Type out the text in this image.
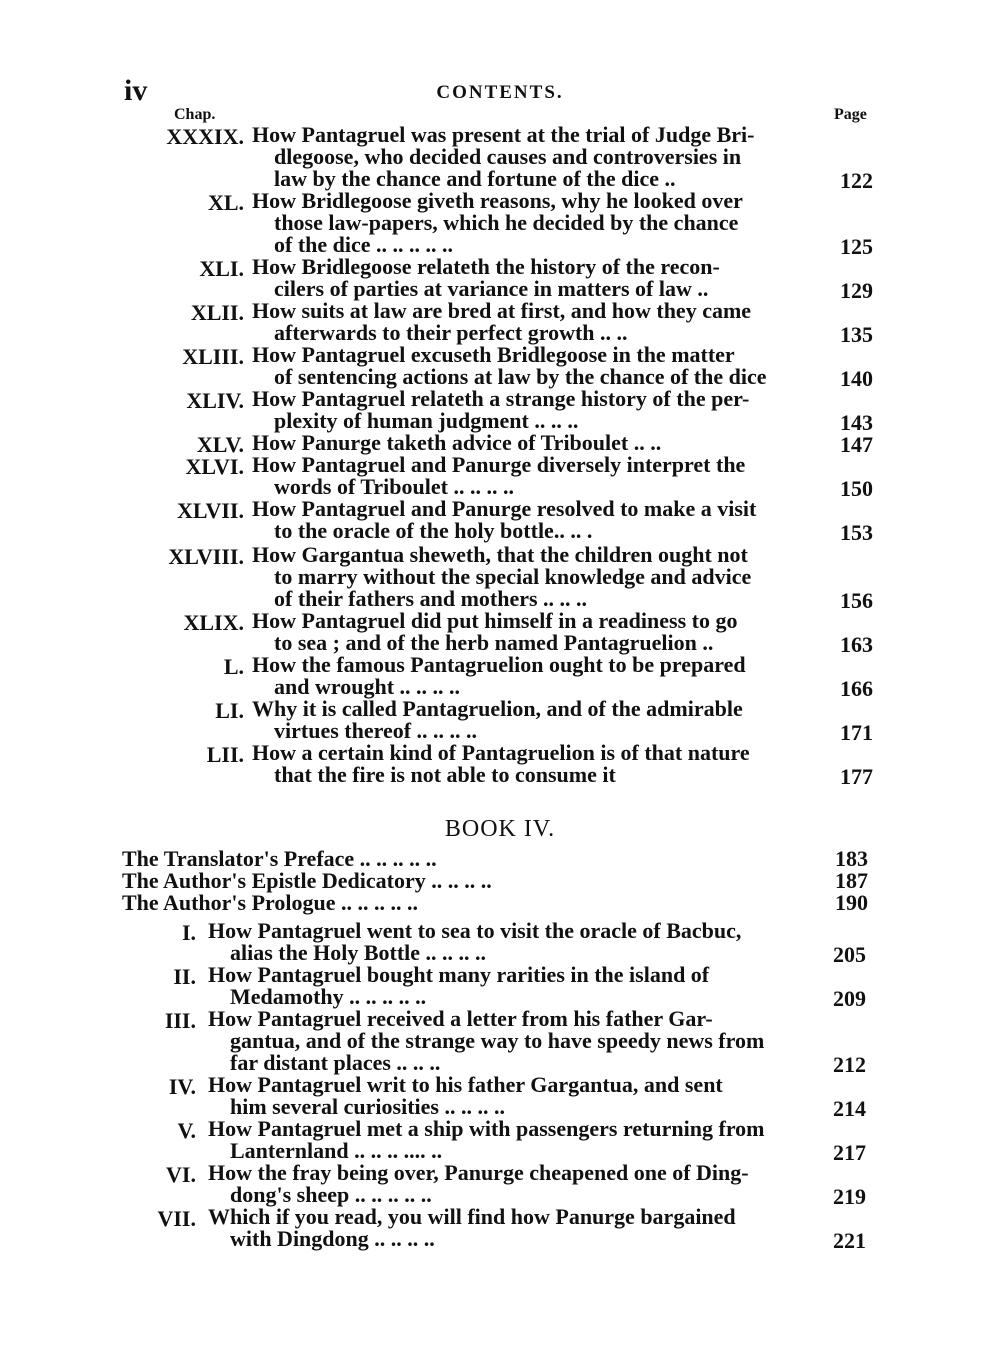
iv	CONTENTS.
Chap.	Page
XXXIX. How Pantagruel was present at the trial of Judge Bri-
dlegoose, who decided causes and controversies in
law by the chance and fortune of the dice ..	122
XL. How Bridlegoose giveth reasons, why he looked over
those law-papers, which he decided by the chance
of the dice .. .. .. .. ..	125
XLI. How Bridlegoose relateth the history of the recon-
cilers of parties at variance in matters of law ..	129
XLII. How suits at law are bred at first, and how they came
afterwards to their perfect growth .. ..	135
XLIII. How Pantagruel excuseth Bridlegoose in the matter
of sentencing actions at law by the chance of the dice	140
XLIV. How Pantagruel relateth a strange history of the per-
plexity of human judgment .. .. ..	143
XLV. How Panurge taketh advice of Triboulet .. ..	147
XLVI. How Pantagruel and Panurge diversely interpret the
words of Triboulet .. .. .. ..	150
XLVII. How Pantagruel and Panurge resolved to make a visit
to the oracle of the holy bottle.. .. .	153
XLVIII. How Gargantua sheweth, that the children ought not
to marry without the special knowledge and advice
of their fathers and mothers .. .. ..	156
XLIX. How Pantagruel did put himself in a readiness to go
to sea ; and of the herb named Pantagruelion ..	163
L. How the famous Pantagruelion ought to be prepared
and wrought .. .. .. ..	166
LI. Why it is called Pantagruelion, and of the admirable
virtues thereof .. .. .. ..	171
LII. How a certain kind of Pantagruelion is of that nature
that the fire is not able to consume it	177
BOOK IV.
The Translator's Preface .. .. .. .. ..	183
The Author's Epistle Dedicatory .. .. .. ..	187
The Author's Prologue .. .. .. .. ..	190
I. How Pantagruel went to sea to visit the oracle of Bacbuc,
alias the Holy Bottle .. .. .. ..	205
II. How Pantagruel bought many rarities in the island of
Medamothy .. .. .. .. ..	209
III. How Pantagruel received a letter from his father Gar-
gantua, and of the strange way to have speedy news from
far distant places .. .. ..	212
IV. How Pantagruel writ to his father Gargantua, and sent
him several curiosities .. .. .. ..	214
V. How Pantagruel met a ship with passengers returning from
Lanternland .. .. .. .... ..	217
VI. How the fray being over, Panurge cheapened one of Ding-
dong's sheep .. .. .. .. ..	219
VII. Which if you read, you will find how Panurge bargained
with Dingdong .. .. .. ..	221
